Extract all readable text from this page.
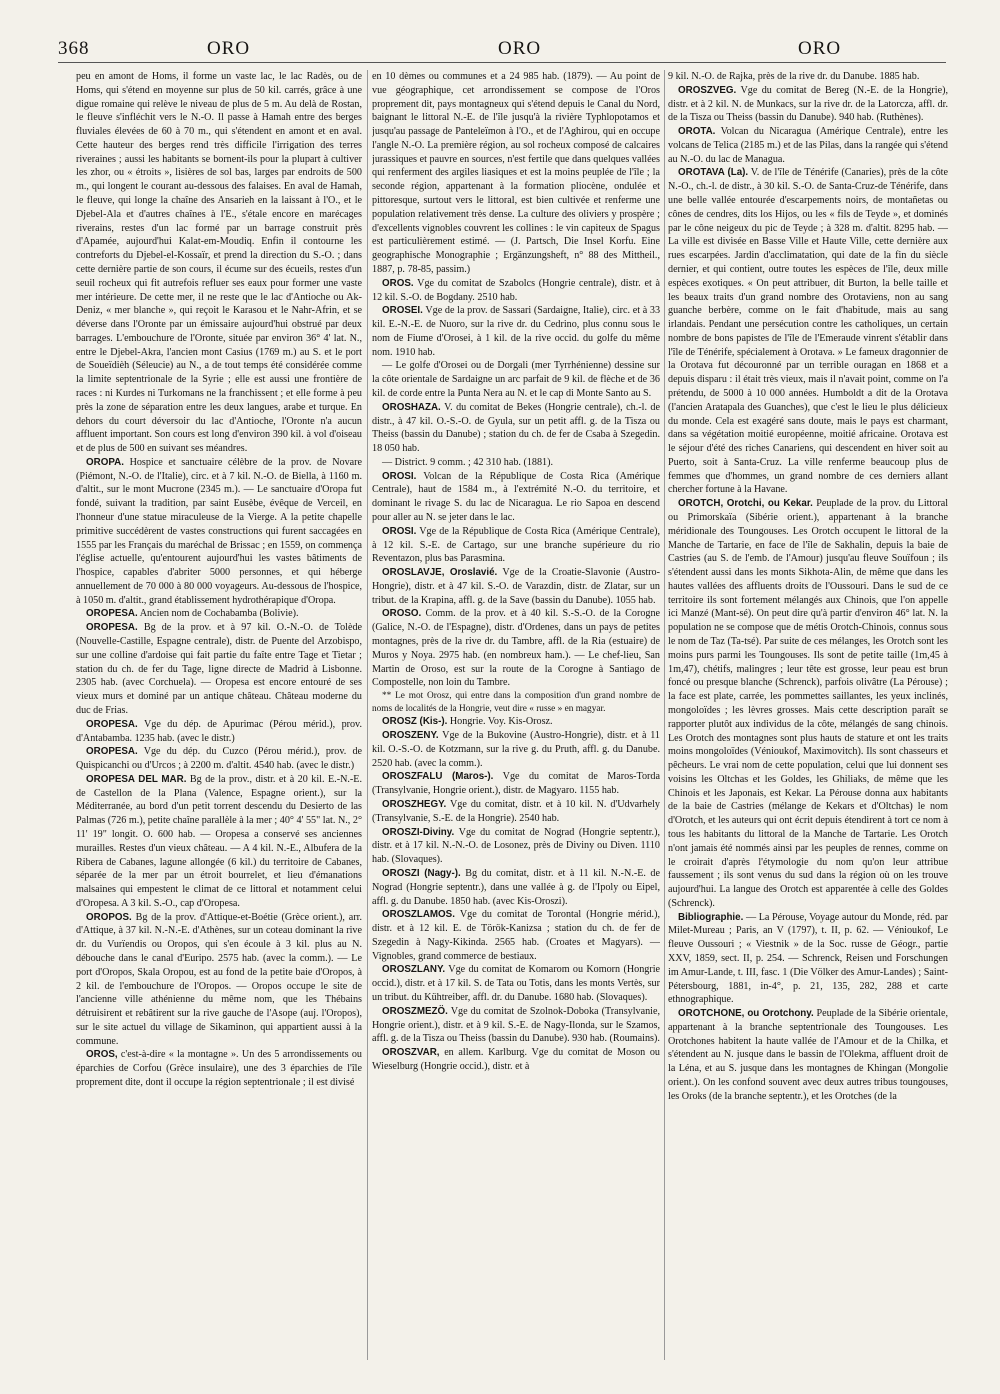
368	ORO	ORO	ORO

peu en amont de Homs, il forme un vaste lac, le lac Radès, ou de Homs, qui s'étend en moyenne sur plus de 50 kil. carrés, grâce à une digue romaine qui relève le niveau de plus de 5 m. Au delà de Rostan, le fleuve s'infléchit vers le N.-O. Il passe à Hamah entre des berges fluviales élevées de 60 à 70 m., qui s'étendent en amont et en aval. Cette hauteur des berges rend très difficile l'irrigation des terres riveraines ; aussi les habitants se bornent-ils pour la plupart à cultiver les zhor, ou « étroits », lisières de sol bas, larges par endroits de 500 m., qui longent le courant au-dessous des falaises. En aval de Hamah, le fleuve, qui longe la chaîne des Ansarieh en la laissant à l'O., et le Djebel-Ala et d'autres chaînes à l'E., s'étale encore en marécages riverains, restes d'un lac formé par un barrage construit près d'Apamée, aujourd'hui Kalat-em-Moudiq. Enfin il contourne les contreforts du Djebel-el-Kossaïr, et prend la direction du S.-O. ; dans cette dernière partie de son cours, il écume sur des écueils, restes d'un seuil rocheux qui fit autrefois refluer ses eaux pour former une vaste mer intérieure. De cette mer, il ne reste que le lac d'Antioche ou Ak-Deniz, « mer blanche », qui reçoit le Karasou et le Nahr-Afrin, et se déverse dans l'Oronte par un émissaire aujourd'hui obstrué par deux barrages. L'embouchure de l'Oronte, située par environ 36° 4' lat. N., entre le Djebel-Akra, l'ancien mont Casius (1769 m.) au S. et le port de Soueïdièh (Séleucie) au N., a de tout temps été considérée comme la limite septentrionale de la Syrie ; elle est aussi une frontière de races : ni Kurdes ni Turkomans ne la franchissent ; et elle forme à peu près la zone de séparation entre les deux langues, arabe et turque. En dehors du court déversoir du lac d'Antioche, l'Oronte n'a aucun affluent important. Son cours est long d'environ 390 kil. à vol d'oiseau et de plus de 500 en suivant ses méandres.

OROPA. Hospice et sanctuaire célèbre de la prov. de Novare (Piémont, N.-O. de l'Italie), circ. et à 7 kil. N.-O. de Biella, à 1160 m. d'altit., sur le mont Mucrone (2345 m.). — Le sanctuaire d'Oropa fut fondé, suivant la tradition, par saint Eusèbe, évêque de Verceil, en l'honneur d'une statue miraculeuse de la Vierge. A la petite chapelle primitive succédèrent de vastes constructions qui furent saccagées en 1555 par les Français du maréchal de Brissac ; en 1559, on commença l'église actuelle, qu'entourent aujourd'hui les vastes bâtiments de l'hospice, capables d'abriter 5000 personnes, et qui héberge annuellement de 70 000 à 80 000 voyageurs. Au-dessous de l'hospice, à 1050 m. d'altit., grand établissement hydrothérapique d'Oropa.

OROPESA. Ancien nom de Cochabamba (Bolivie).

OROPESA. Bg de la prov. et à 97 kil. O.-N.-O. de Tolède (Nouvelle-Castille, Espagne centrale), distr. de Puente del Arzobispo, sur une colline d'ardoise qui fait partie du faîte entre Tage et Tietar ; station du ch. de fer du Tage, ligne directe de Madrid à Lisbonne. 2305 hab. (avec Corchuela). — Oropesa est encore entouré de ses vieux murs et dominé par un antique château. Château moderne du duc de Frias.

OROPESA. Vge du dép. de Apurimac (Pérou mérid.), prov. d'Antabamba. 1235 hab. (avec le distr.)

OROPESA. Vge du dép. du Cuzco (Pérou mérid.), prov. de Quispicanchi ou d'Urcos ; à 2200 m. d'altit. 4540 hab. (avec le distr.)

OROPESA DEL MAR. Bg de la prov., distr. et à 20 kil. E.-N.-E. de Castellon de la Plana (Valence, Espagne orient.), sur la Méditerranée, au bord d'un petit torrent descendu du Desierto de las Palmas (726 m.), petite chaîne parallèle à la mer ; 40° 4' 55" lat. N., 2° 11' 19" longit. O. 600 hab. — Oropesa a conservé ses anciennes murailles. Restes d'un vieux château. — A 4 kil. N.-E., Albufera de la Ribera de Cabanes, lagune allongée (6 kil.) du territoire de Cabanes, séparée de la mer par un étroit bourrelet, et lieu d'émanations malsaines qui empestent le climat de ce littoral et notamment celui d'Oropesa. A 3 kil. S.-O., cap d'Oropesa.

OROPOS. Bg de la prov. d'Attique-et-Boétie (Grèce orient.), arr. d'Attique, à 37 kil. N.-N.-E. d'Athènes, sur un coteau dominant la rive dr. du Vurïendis ou Oropos, qui s'en écoule à 3 kil. plus au N. débouche dans le canal d'Euripo. 2575 hab. (avec la comm.). — Le port d'Oropos, Skala Oropou, est au fond de la petite baie d'Oropos, à 2 kil. de l'embouchure de l'Oropos. — Oropos occupe le site de l'ancienne ville athénienne du même nom, que les Thébains détruisirent et rebâtirent sur la rive gauche de l'Asope (auj. l'Oropos), sur le site actuel du village de Sikaminon, qui appartient aussi à la commune.

OROS, c'est-à-dire « la montagne ». Un des 5 arrondissements ou éparchies de Corfou (Grèce insulaire), une des 3 éparchies de l'île proprement dite, dont il occupe la région septentrionale ; il est divisé

en 10 dèmes ou communes et a 24 985 hab. (1879). — Au point de vue géographique, cet arrondissement se compose de l'Oros proprement dit, pays montagneux qui s'étend depuis le Canal du Nord, baignant le littoral N.-E. de l'île jusqu'à la rivière Typhlopotamos et jusqu'au passage de Panteleïmon à l'O., et de l'Aghirou, qui en occupe l'angle N.-O. La première région, au sol rocheux composé de calcaires jurassiques et pauvre en sources, n'est fertile que dans quelques vallées qui renferment des argiles liasiques et est la moins peuplée de l'île ; la seconde région, appartenant à la formation pliocène, ondulée et pittoresque, surtout vers le littoral, est bien cultivée et renferme une population relativement très dense. La culture des oliviers y prospère ; d'excellents vignobles couvrent les collines : le vin capiteux de Spagus est particulièrement estimé. — (J. Partsch, Die Insel Korfu. Eine geographische Monographie ; Ergänzungsheft, n° 88 des Mittheil., 1887, p. 78-85, passim.)

OROS. Vge du comitat de Szabolcs (Hongrie centrale), distr. et à 12 kil. S.-O. de Bogdany. 2510 hab.

OROSEI. Vge de la prov. de Sassari (Sardaigne, Italie), circ. et à 33 kil. E.-N.-E. de Nuoro, sur la rive dr. du Cedrino, plus connu sous le nom de Fiume d'Orosei, à 1 kil. de la rive occid. du golfe du même nom. 1910 hab.

— Le golfe d'Orosei ou de Dorgali (mer Tyrrhénienne) dessine sur la côte orientale de Sardaigne un arc parfait de 9 kil. de flèche et de 36 kil. de corde entre la Punta Nera au N. et le cap di Monte Santo au S.

OROSHAZA. V. du comitat de Bekes (Hongrie centrale), ch.-l. de distr., à 47 kil. O.-S.-O. de Gyula, sur un petit affl. g. de la Tisza ou Theiss (bassin du Danube) ; station du ch. de fer de Csaba à Szegedin. 18 050 hab.

— District. 9 comm. ; 42 310 hab. (1881).

OROSI. Volcan de la République de Costa Rica (Amérique Centrale), haut de 1584 m., à l'extrémité N.-O. du territoire, et dominant le rivage S. du lac de Nicaragua. Le rio Sapoa en descend pour aller au N. se jeter dans le lac.

OROSI. Vge de la République de Costa Rica (Amérique Centrale), à 12 kil. S.-E. de Cartago, sur une branche supérieure du rio Reventazon, plus bas Parasmina.

OROSLAVJE, Oroslavié. Vge de la Croatie-Slavonie (Austro-Hongrie), distr. et à 47 kil. S.-O. de Varazdin, distr. de Zlatar, sur un tribut. de la Krapina, affl. g. de la Save (bassin du Danube). 1055 hab.

OROSO. Comm. de la prov. et à 40 kil. S.-S.-O. de la Corogne (Galice, N.-O. de l'Espagne), distr. d'Ordenes, dans un pays de petites montagnes, près de la rive dr. du Tambre, affl. de la Ria (estuaire) de Muros y Noya. 2975 hab. (en nombreux ham.). — Le chef-lieu, San Martin de Oroso, est sur la route de la Corogne à Santiago de Compostelle, non loin du Tambre.

** Le mot Orosz, qui entre dans la composition d'un grand nombre de noms de localités de la Hongrie, veut dire « russe » en magyar.

OROSZ (Kis-). Hongrie. Voy. Kis-Orosz.

OROSZENY. Vge de la Bukovine (Austro-Hongrie), distr. et à 11 kil. O.-S.-O. de Kotzmann, sur la rive g. du Pruth, affl. g. du Danube. 2520 hab. (avec la comm.).

OROSZFALU (Maros-). Vge du comitat de Maros-Torda (Transylvanie, Hongrie orient.), distr. de Magyaro. 1155 hab.

OROSZHEGY. Vge du comitat, distr. et à 10 kil. N. d'Udvarhely (Transylvanie, S.-E. de la Hongrie). 2540 hab.

OROSZI-Diviny. Vge du comitat de Nograd (Hongrie septentr.), distr. et à 17 kil. N.-N.-O. de Losonez, près de Diviny ou Diven. 1110 hab. (Slovaques).

OROSZI (Nagy-). Bg du comitat, distr. et à 11 kil. N.-N.-E. de Nograd (Hongrie septentr.), dans une vallée à g. de l'Ipoly ou Eipel, affl. g. du Danube. 1850 hab. (avec Kis-Oroszi).

OROSZLAMOS. Vge du comitat de Torontal (Hongrie mérid.), distr. et à 12 kil. E. de Török-Kanizsa ; station du ch. de fer de Szegedin à Nagy-Kikinda. 2565 hab. (Croates et Magyars). — Vignobles, grand commerce de bestiaux.

OROSZLANY. Vge du comitat de Komarom ou Komorn (Hongrie occid.), distr. et à 17 kil. S. de Tata ou Totis, dans les monts Vertès, sur un tribut. du Kühtreiber, affl. dr. du Danube. 1680 hab. (Slovaques).

OROSZMEZÖ. Vge du comitat de Szolnok-Doboka (Transylvanie, Hongrie orient.), distr. et à 9 kil. S.-E. de Nagy-Ilonda, sur le Szamos, affl. g. de la Tisza ou Theiss (bassin du Danube). 930 hab. (Roumains).

OROSZVAR, en allem. Karlburg. Vge du comitat de Moson ou Wieselburg (Hongrie occid.), distr. et à

9 kil. N.-O. de Rajka, près de la rive dr. du Danube. 1885 hab.

OROSZVEG. Vge du comitat de Bereg (N.-E. de la Hongrie), distr. et à 2 kil. N. de Munkacs, sur la rive dr. de la Latorcza, affl. dr. de la Tisza ou Theiss (bassin du Danube). 940 hab. (Ruthènes).

OROTA. Volcan du Nicaragua (Amérique Centrale), entre les volcans de Telica (2185 m.) et de las Pilas, dans la rangée qui s'étend au N.-O. du lac de Managua.

OROTAVA (La). V. de l'île de Ténérife (Canaries), près de la côte N.-O., ch.-l. de distr., à 30 kil. S.-O. de Santa-Cruz-de Ténérife, dans une belle vallée entourée d'escarpements noirs, de montañetas ou cônes de cendres, dits los Hijos, ou les « fils de Teyde », et dominés par le cône neigeux du pic de Teyde ; à 328 m. d'altit. 8295 hab. — La ville est divisée en Basse Ville et Haute Ville, cette dernière aux rues escarpées. Jardin d'acclimatation, qui date de la fin du siècle dernier, et qui contient, outre toutes les espèces de l'île, deux mille espèces exotiques. « On peut attribuer, dit Burton, la belle taille et les beaux traits d'un grand nombre des Orotaviens, non au sang guanche berbère, comme on le fait d'habitude, mais au sang irlandais. Pendant une persécution contre les catholiques, un certain nombre de bons papistes de l'île de l'Emeraude vinrent s'établir dans l'île de Ténérife, spécialement à Orotava. » Le fameux dragonnier de la Orotava fut découronné par un terrible ouragan en 1868 et a depuis disparu : il était très vieux, mais il n'avait point, comme on l'a prétendu, de 5000 à 10 000 années. Humboldt a dit de la Orotava (l'ancien Aratapala des Guanches), que c'est le lieu le plus délicieux du monde. Cela est exagéré sans doute, mais le pays est charmant, dans sa végétation moitié européenne, moitié africaine. Orotava est le séjour d'été des riches Canariens, qui descendent en hiver soit au Puerto, soit à Santa-Cruz. La ville renferme beaucoup plus de femmes que d'hommes, un grand nombre de ces derniers allant chercher fortune à la Havane.

OROTCH, Orotchi, ou Kekar. Peuplade de la prov. du Littoral ou Primorskaïa (Sibérie orient.), appartenant à la branche méridionale des Toungouses. Les Orotch occupent le littoral de la Manche de Tartarie, en face de l'île de Sakhalin, depuis la baie de Castries (au S. de l'emb. de l'Amour) jusqu'au fleuve Souïfoun ; ils s'étendent aussi dans les monts Sikhota-Alin, de même que dans les hautes vallées des affluents droits de l'Oussouri. Dans le sud de ce territoire ils sont fortement mélangés aux Chinois, que l'on appelle ici Manzé (Mant-sé). On peut dire qu'à partir d'environ 46° lat. N. la population ne se compose que de métis Orotch-Chinois, connus sous le nom de Taz (Ta-tsé). Par suite de ces mélanges, les Orotch sont les moins purs parmi les Toungouses. Ils sont de petite taille (1m,45 à 1m,47), chétifs, malingres ; leur tête est grosse, leur peau est brun foncé ou presque blanche (Schrenck), parfois olivâtre (La Pérouse) ; la face est plate, carrée, les pommettes saillantes, les yeux inclinés, mongoloïdes ; les lèvres grosses. Mais cette description paraît se rapporter plutôt aux individus de la côte, mélangés de sang chinois. Les Orotch des montagnes sont plus hauts de stature et ont les traits moins mongoloïdes (Vénioukof, Maximovitch). Ils sont chasseurs et pêcheurs. Le vrai nom de cette population, celui que lui donnent ses voisins les Oltchas et les Goldes, les Ghiliaks, de même que les Chinois et les Japonais, est Kekar. La Pérouse donna aux habitants de la baie de Castries (mélange de Kekars et d'Oltchas) le nom d'Orotch, et les auteurs qui ont écrit depuis étendirent à tort ce nom à tous les habitants du littoral de la Manche de Tartarie. Les Orotch n'ont jamais été nommés ainsi par les peuples de rennes, comme on le croirait d'après l'étymologie du nom qu'on leur attribue faussement ; ils sont venus du sud dans la région où on les trouve aujourd'hui. La langue des Orotch est apparentée à celle des Goldes (Schrenck).

Bibliographie. — La Pérouse, Voyage autour du Monde, réd. par Milet-Mureau ; Paris, an V (1797), t. II, p. 62. — Vénioukof, Le fleuve Oussouri ; « Viestnik » de la Soc. russe de Géogr., partie XXV, 1859, sect. II, p. 254. — Schrenck, Reisen und Forschungen im Amur-Lande, t. III, fasc. 1 (Die Völker des Amur-Landes) ; Saint-Pétersbourg, 1881, in-4°, p. 21, 135, 282, 288 et carte ethnographique.

OROTCHONE, ou Orotchony. Peuplade de la Sibérie orientale, appartenant à la branche septentrionale des Toungouses. Les Orotchones habitent la haute vallée de l'Amour et de la Chilka, et s'étendent au N. jusque dans le bassin de l'Olekma, affluent droit de la Léna, et au S. jusque dans les montagnes de Khingan (Mongolie orient.). On les confond souvent avec deux autres tribus toungouses, les Oroks (de la branche septentr.), et les Orotches (de la
